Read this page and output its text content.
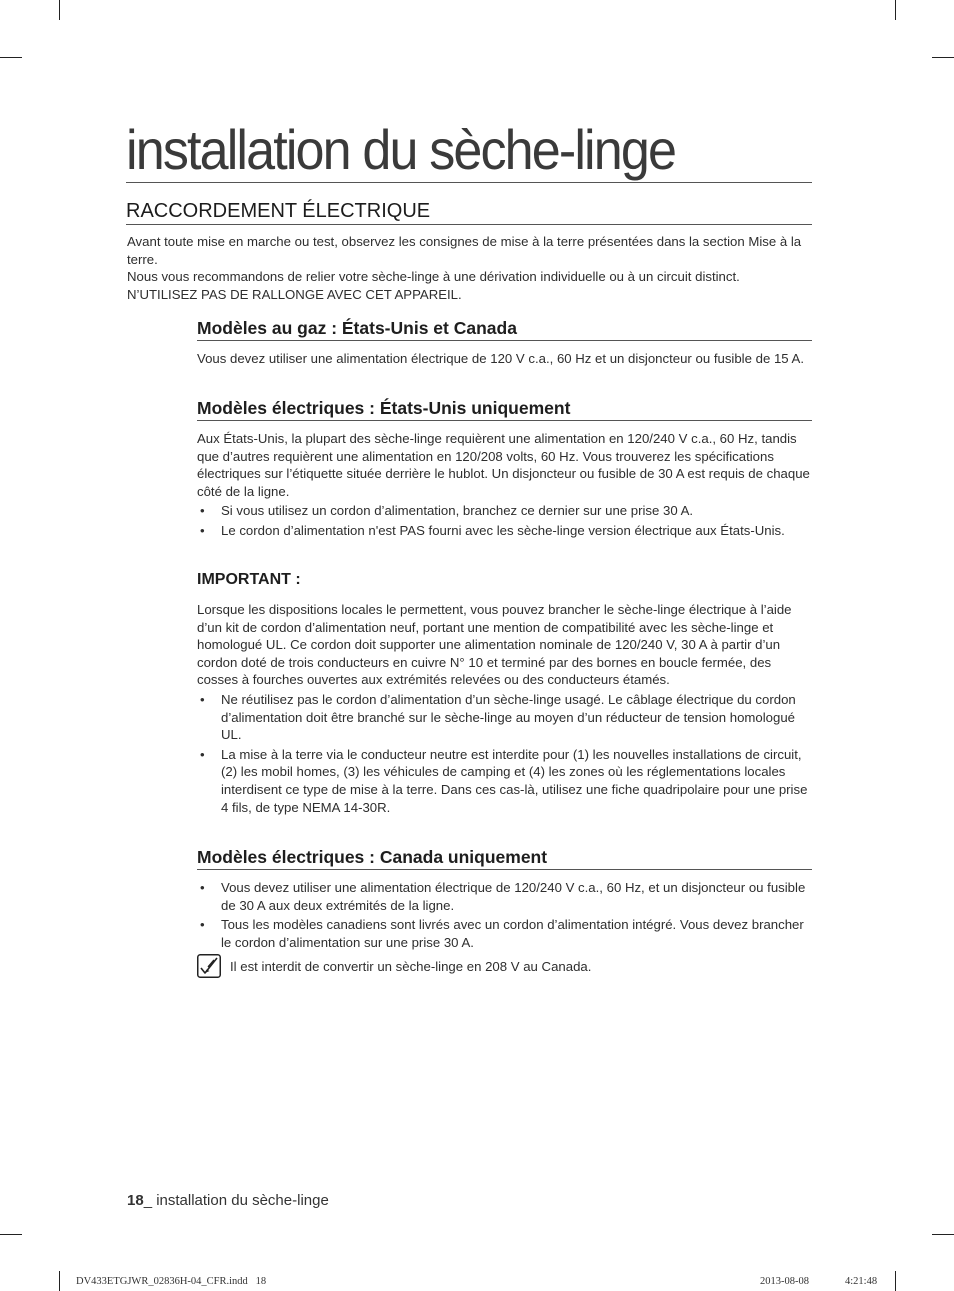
installation du sèche-linge
RACCORDEMENT ÉLECTRIQUE

Avant toute mise en marche ou test, observez les consignes de mise à la terre présentées dans la section Mise à la terre.

Nous vous recommandons de relier votre sèche-linge à une dérivation individuelle ou à un circuit distinct. N’UTILISEZ PAS DE RALLONGE AVEC CET APPAREIL.

Modèles au gaz : États-Unis et Canada

Vous devez utiliser une alimentation électrique de 120 V c.a., 60 Hz et un disjoncteur ou fusible de 15 A.

Modèles électriques : États-Unis uniquement

Aux États-Unis, la plupart des sèche-linge requièrent une alimentation en 120/240 V c.a., 60 Hz, tandis que d’autres requièrent une alimentation en 120/208 volts, 60 Hz. Vous trouverez les spécifications électriques sur l’étiquette située derrière le hublot. Un disjoncteur ou fusible de 30 A est requis de chaque côté de la ligne.

• Si vous utilisez un cordon d’alimentation, branchez ce dernier sur une prise 30 A.
• Le cordon d’alimentation n'est PAS fourni avec les sèche-linge version électrique aux États-Unis.
IMPORTANT :

Lorsque les dispositions locales le permettent, vous pouvez brancher le sèche-linge électrique à l’aide d’un kit de cordon d’alimentation neuf, portant une mention de compatibilité avec les sèche-linge et homologué UL. Ce cordon doit supporter une alimentation nominale de 120/240 V, 30 A à partir d’un cordon doté de trois conducteurs en cuivre N° 10 et terminé par des bornes en boucle fermée, des cosses à fourches ouvertes aux extrémités relevées ou des conducteurs étamés.

• Ne réutilisez pas le cordon d’alimentation d’un sèche-linge usagé. Le câblage électrique du cordon d’alimentation doit être branché sur le sèche-linge au moyen d’un réducteur de tension homologué UL.
• La mise à la terre via le conducteur neutre est interdite pour (1) les nouvelles installations de circuit, (2) les mobil homes, (3) les véhicules de camping et (4) les zones où les réglementations locales interdisent ce type de mise à la terre. Dans ces cas-là, utilisez une fiche quadripolaire pour une prise 4 fils, de type NEMA 14-30R.
Modèles électriques : Canada uniquement
• Vous devez utiliser une alimentation électrique de 120/240 V c.a., 60 Hz, et un disjoncteur ou fusible de 30 A aux deux extrémités de la ligne.
• Tous les modèles canadiens sont livrés avec un cordon d’alimentation intégré. Vous devez brancher le cordon d’alimentation sur une prise 30 A.
Il est interdit de convertir un sèche-linge en 208 V au Canada.
18_ installation du sèche-linge
DV433ETGJWR_02836H-04_CFR.indd   18	2013-08-08	4:21:48
